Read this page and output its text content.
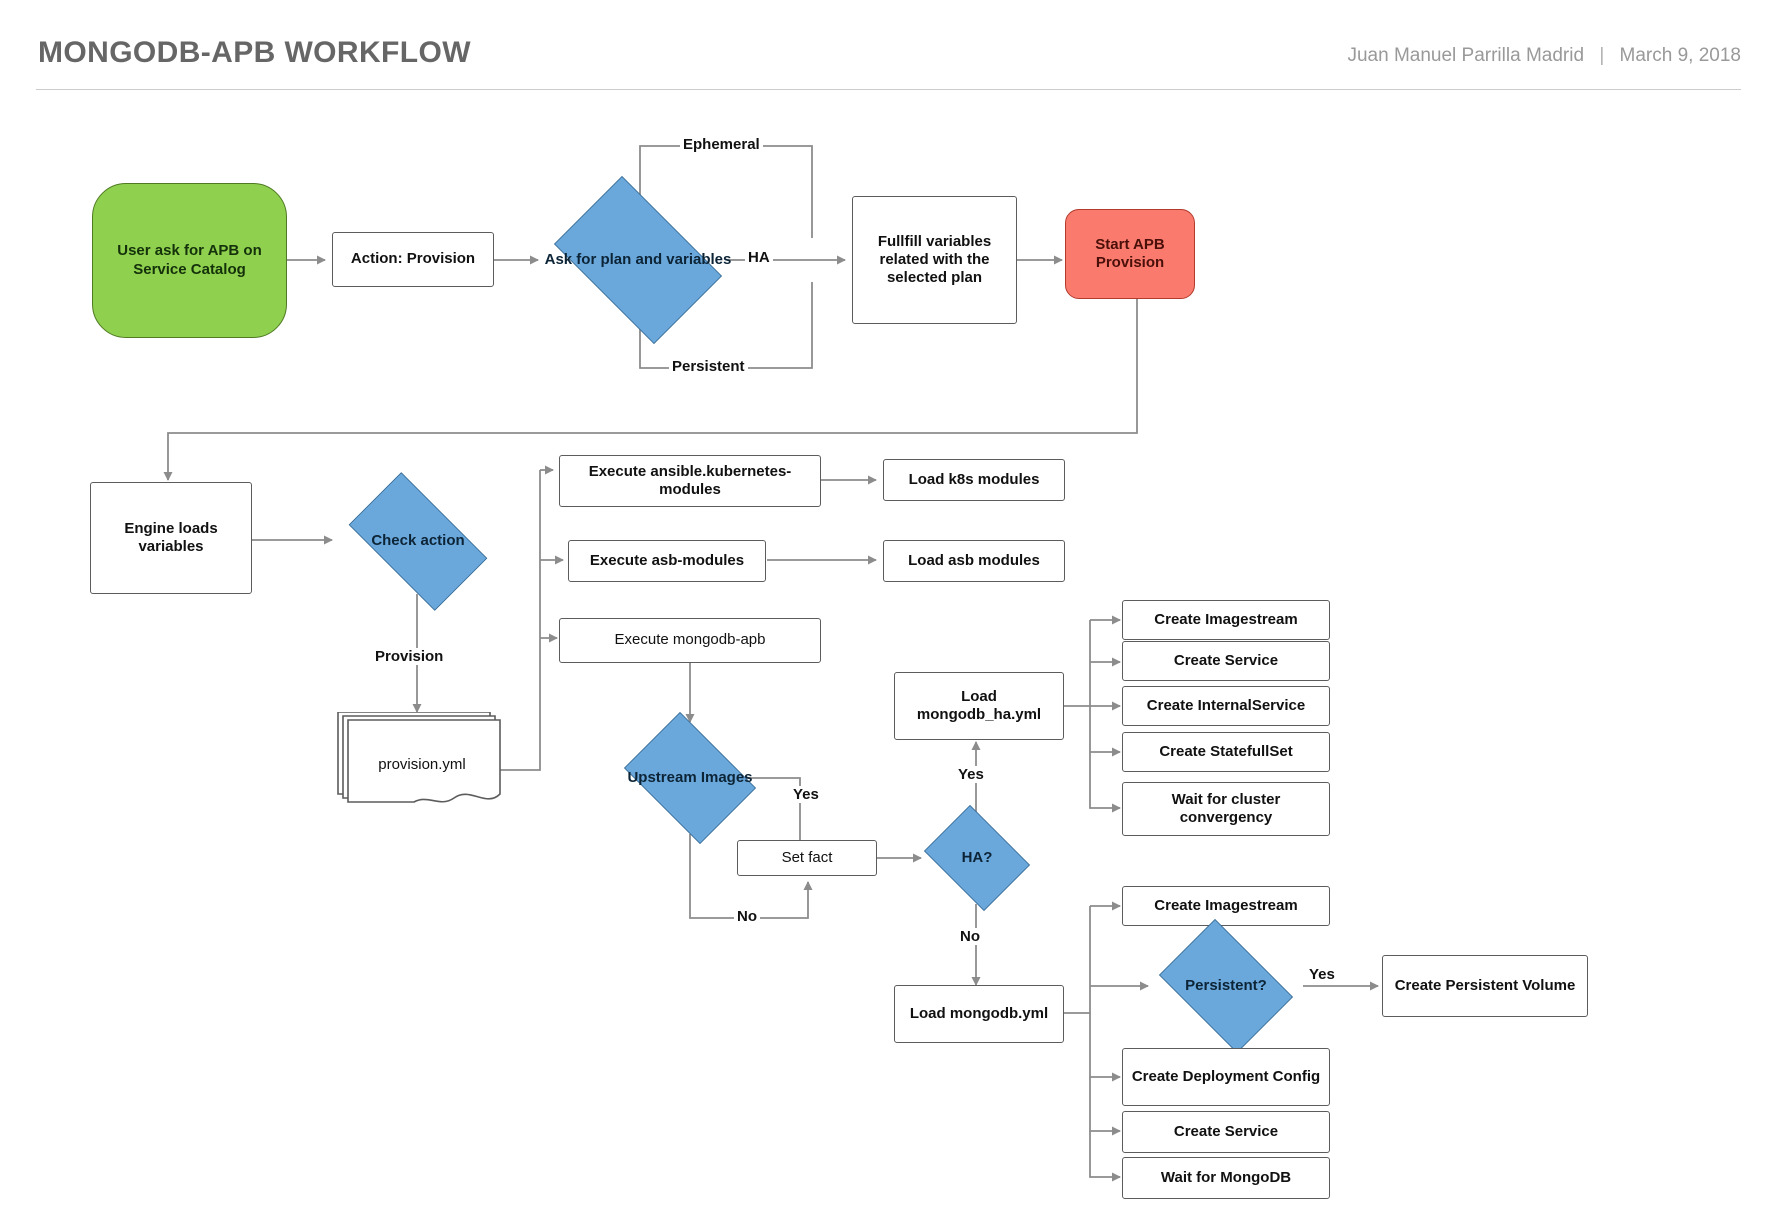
MONGODB-APB WORKFLOW	Juan Manuel Parrilla Madrid | March 9, 2018
User ask for APB on Service Catalog
Action: Provision	Ask for plan and variables
Fullfill variables related with the selected plan
Start APB Provision
Engine loads variables	Check action
provision.yml
Execute ansible.kubernetes-modules
Load k8s modules
Execute asb-modules	Load asb modules
Execute mongodb-apb
Upstream Images
Set fact	HA?
Load mongodb_ha.yml
Load mongodb.yml
Create Imagestream
Create Service
Create InternalService
Create StatefullSet
Wait for cluster convergency
Create Imagestream
Persistent?	Create Persistent Volume
Create Deployment Config
Create Service
Wait for MongoDB
Ephemeral
HA
Persistent
Provision
Yes
No
Yes
No
Yes
